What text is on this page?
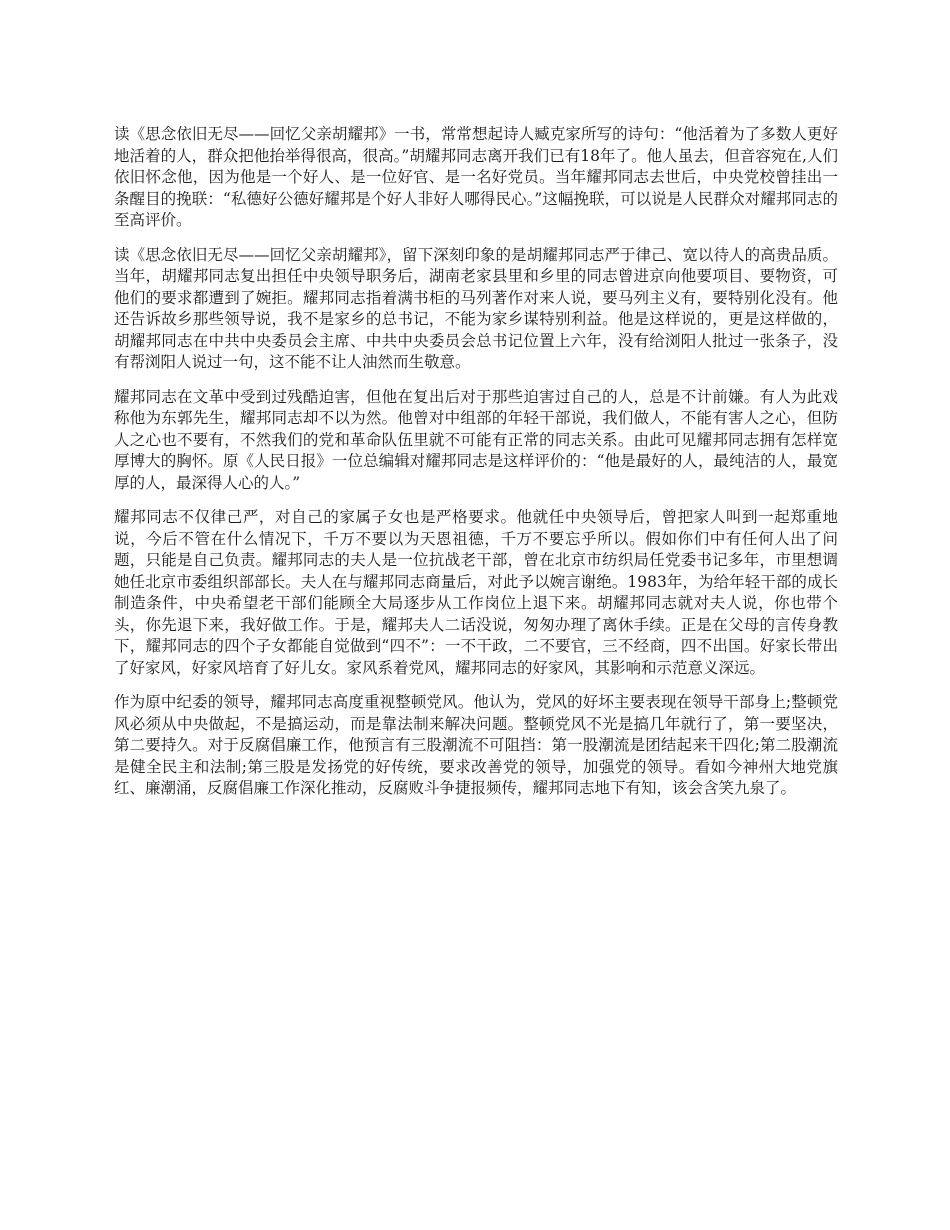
读《思念依旧无尽——回忆父亲胡耀邦》一书，常常想起诗人臧克家所写的诗句：“他活着为了多数人更好地活着的人，群众把他抬举得很高，很高。”胡耀邦同志离开我们已有18年了。他人虽去，但音容宛在,人们依旧怀念他，因为他是一个好人、是一位好官、是一名好党员。当年耀邦同志去世后，中央党校曾挂出一条醒目的挽联：“私德好公德好耀邦是个好人非好人哪得民心。”这幅挽联，可以说是人民群众对耀邦同志的至高评价。

读《思念依旧无尽——回忆父亲胡耀邦》，留下深刻印象的是胡耀邦同志严于律己、宽以待人的高贵品质。当年，胡耀邦同志复出担任中央领导职务后，湖南老家县里和乡里的同志曾进京向他要项目、要物资，可他们的要求都遭到了婉拒。耀邦同志指着满书柜的马列著作对来人说，要马列主义有，要特别化没有。他还告诉故乡那些领导说，我不是家乡的总书记，不能为家乡谋特别利益。他是这样说的，更是这样做的，胡耀邦同志在中共中央委员会主席、中共中央委员会总书记位置上六年，没有给浏阳人批过一张条子，没有帮浏阳人说过一句，这不能不让人油然而生敬意。

耀邦同志在文革中受到过残酷迫害，但他在复出后对于那些迫害过自己的人，总是不计前嫌。有人为此戏称他为东郭先生，耀邦同志却不以为然。他曾对中组部的年轻干部说，我们做人，不能有害人之心，但防人之心也不要有，不然我们的党和革命队伍里就不可能有正常的同志关系。由此可见耀邦同志拥有怎样宽厚博大的胸怀。原《人民日报》一位总编辑对耀邦同志是这样评价的：“他是最好的人，最纯洁的人，最宽厚的人，最深得人心的人。”

耀邦同志不仅律己严，对自己的家属子女也是严格要求。他就任中央领导后，曾把家人叫到一起郑重地说，今后不管在什么情况下，千万不要以为天恩祖德，千万不要忘乎所以。假如你们中有任何人出了问题，只能是自己负责。耀邦同志的夫人是一位抗战老干部，曾在北京市纺织局任党委书记多年，市里想调她任北京市委组织部部长。夫人在与耀邦同志商量后，对此予以婉言谢绝。1983年，为给年轻干部的成长制造条件，中央希望老干部们能顾全大局逐步从工作岗位上退下来。胡耀邦同志就对夫人说，你也带个头，你先退下来，我好做工作。于是，耀邦夫人二话没说，匆匆办理了离休手续。正是在父母的言传身教下，耀邦同志的四个子女都能自觉做到“四不”：一不干政，二不要官，三不经商，四不出国。好家长带出了好家风，好家风培育了好儿女。家风系着党风，耀邦同志的好家风，其影响和示范意义深远。

作为原中纪委的领导，耀邦同志高度重视整顿党风。他认为，党风的好坏主要表现在领导干部身上;整顿党风必须从中央做起，不是搞运动，而是靠法制来解决问题。整顿党风不光是搞几年就行了，第一要坚决，第二要持久。对于反腐倡廉工作，他预言有三股潮流不可阻挡：第一股潮流是团结起来干四化;第二股潮流是健全民主和法制;第三股是发扬党的好传统，要求改善党的领导，加强党的领导。看如今神州大地党旗红、廉潮涌，反腐倡廉工作深化推动，反腐败斗争捷报频传，耀邦同志地下有知，该会含笑九泉了。
